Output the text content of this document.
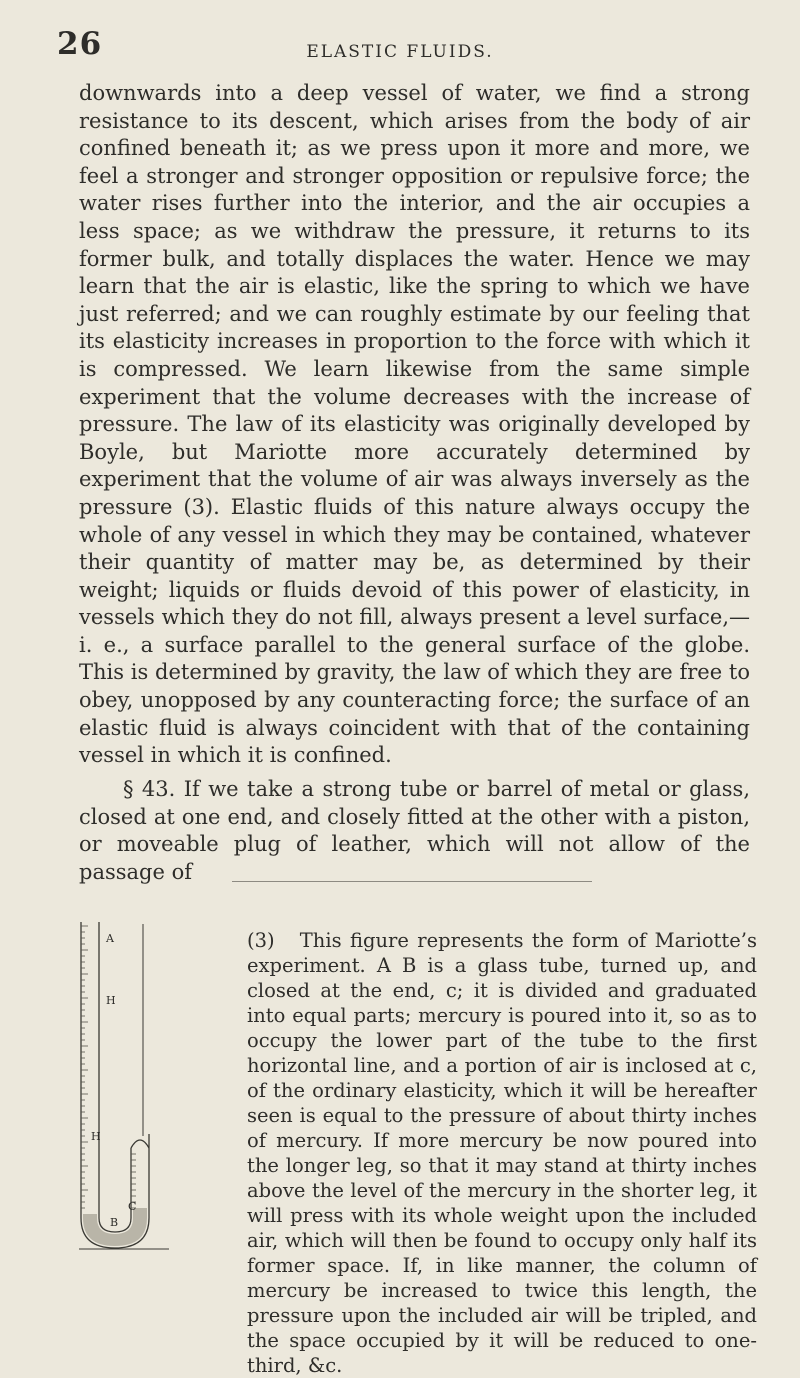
26	ELASTIC FLUIDS.

downwards into a deep vessel of water, we find a strong resistance to its descent, which arises from the body of air confined beneath it; as we press upon it more and more, we feel a stronger and stronger opposition or repulsive force; the water rises further into the interior, and the air occupies a less space; as we withdraw the pressure, it returns to its former bulk, and totally displaces the water. Hence we may learn that the air is elastic, like the spring to which we have just referred; and we can roughly estimate by our feeling that its elasticity increases in proportion to the force with which it is compressed. We learn likewise from the same simple experiment that the volume decreases with the increase of pressure. The law of its elasticity was originally developed by Boyle, but Mariotte more accurately determined by experiment that the volume of air was always inversely as the pressure (3). Elastic fluids of this nature always occupy the whole of any vessel in which they may be contained, whatever their quantity of matter may be, as determined by their weight; liquids or fluids devoid of this power of elasticity, in vessels which they do not fill, always present a level surface,—i. e., a surface parallel to the general surface of the globe. This is determined by gravity, the law of which they are free to obey, unopposed by any counteracting force; the surface of an elastic fluid is always coincident with that of the containing vessel in which it is confined.

§ 43. If we take a strong tube or barrel of metal or glass, closed at one end, and closely fitted at the other with a piston, or moveable plug of leather, which will not allow of the passage of

A
H
H
C
B

(3) This figure represents the form of Mariotte’s experiment. A B is a glass tube, turned up, and closed at the end, c; it is divided and graduated into equal parts; mercury is poured into it, so as to occupy the lower part of the tube to the first horizontal line, and a portion of air is inclosed at c, of the ordinary elasticity, which it will be hereafter seen is equal to the pressure of about thirty inches of mercury. If more mercury be now poured into the longer leg, so that it may stand at thirty inches above the level of the mercury in the shorter leg, it will press with its whole weight upon the included air, which will then be found to occupy only half its former space. If, in like manner, the column of mercury be increased to twice this length, the pressure upon the included air will be tripled, and the space occupied by it will be reduced to one-third, &c.
